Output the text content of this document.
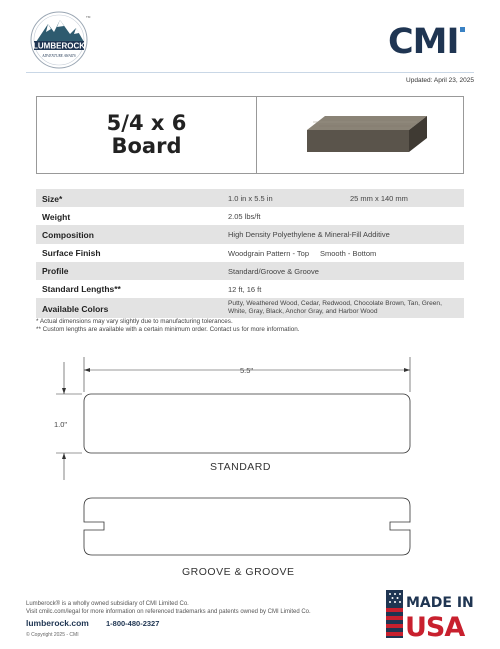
LUMBEROCK
ADVENTURE AWAITS
TM
CMI
Updated: April 23, 2025
5/4 x 6
Board
Size*	1.0 in x 5.5 in	25 mm x 140 mm
Weight	2.05 lbs/ft
Composition	High Density Polyethylene & Mineral-Fill Additive
Surface Finish	Woodgrain Pattern - Top Smooth - Bottom
Profile	Standard/Groove & Groove
Standard Lengths**	12 ft, 16 ft
Available Colors	Putty, Weathered Wood, Cedar, Redwood, Chocolate Brown, Tan, Green, White, Gray, Black, Anchor Gray, and Harbor Wood
* Actual dimensions may vary slightly due to manufacturing tolerances.
** Custom lengths are available with a certain minimum order. Contact us for more information.
5.5"
1.0"
STANDARD
GROOVE & GROOVE
Lumberock® is a wholly owned subsidiary of CMI Limited Co.
Visit cmilc.com/legal for more information on referenced trademarks and patents owned by CMI Limited Co.
lumberock.com 1-800-480-2327
© Copyright 2025 - CMI
MADE IN
USA
